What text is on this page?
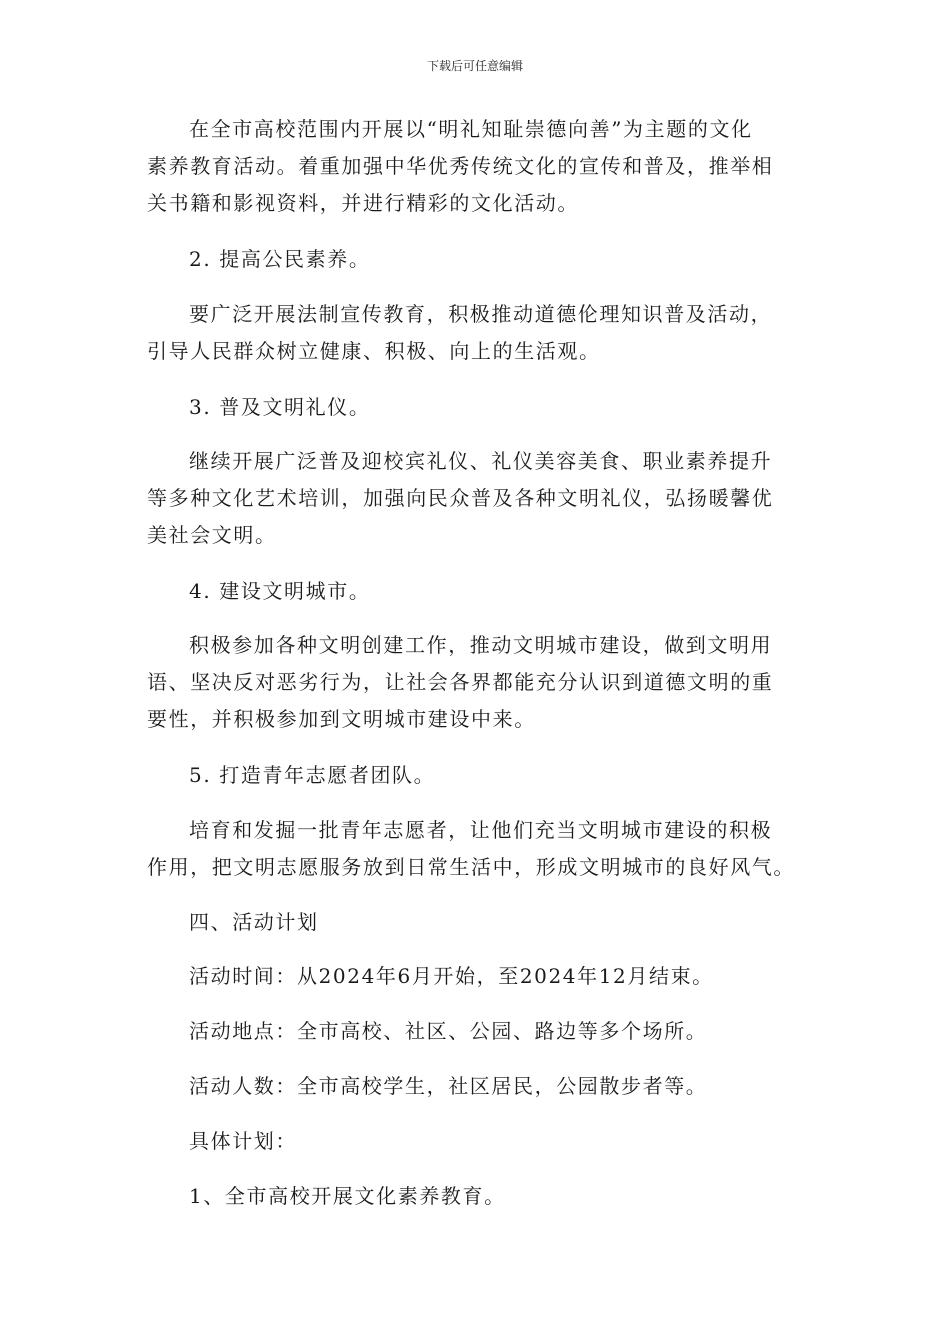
下载后可任意编辑
在全市高校范围内开展以“明礼知耻崇德向善”为主题的文化
素养教育活动。着重加强中华优秀传统文化的宣传和普及，推举相
关书籍和影视资料，并进行精彩的文化活动。
2. 提高公民素养。
要广泛开展法制宣传教育，积极推动道德伦理知识普及活动，
引导人民群众树立健康、积极、向上的生活观。
3. 普及文明礼仪。
继续开展广泛普及迎校宾礼仪、礼仪美容美食、职业素养提升
等多种文化艺术培训，加强向民众普及各种文明礼仪，弘扬暖馨优
美社会文明。
4. 建设文明城市。
积极参加各种文明创建工作，推动文明城市建设，做到文明用
语、坚决反对恶劣行为，让社会各界都能充分认识到道德文明的重
要性，并积极参加到文明城市建设中来。
5. 打造青年志愿者团队。
培育和发掘一批青年志愿者，让他们充当文明城市建设的积极
作用，把文明志愿服务放到日常生活中，形成文明城市的良好风气。
四、活动计划
活动时间：从2024年6月开始，至2024年12月结束。
活动地点：全市高校、社区、公园、路边等多个场所。
活动人数：全市高校学生，社区居民，公园散步者等。
具体计划：
1、全市高校开展文化素养教育。
